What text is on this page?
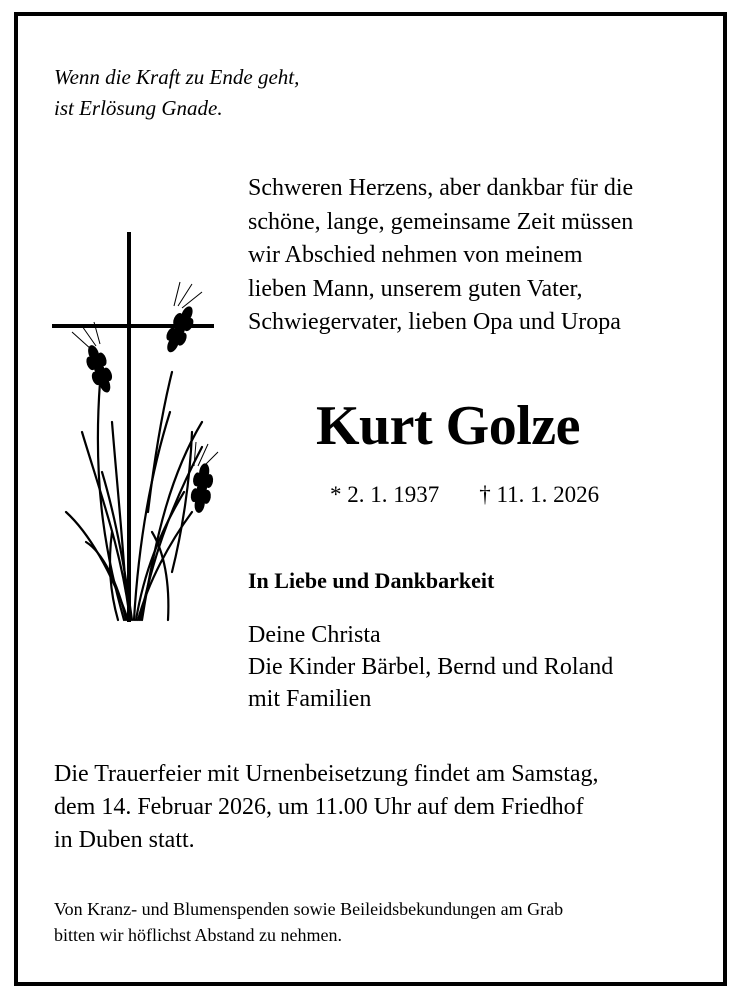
Wenn die Kraft zu Ende geht,
ist Erlösung Gnade.
Schweren Herzens, aber dankbar für die
schöne, lange, gemeinsame Zeit müssen
wir Abschied nehmen von meinem
lieben Mann, unserem guten Vater,
Schwiegervater, lieben Opa und Uropa
Kurt Golze
* 2. 1. 1937 † 11. 1. 2026
In Liebe und Dankbarkeit
Deine Christa
Die Kinder Bärbel, Bernd und Roland
mit Familien
Die Trauerfeier mit Urnenbeisetzung findet am Samstag,
dem 14. Februar 2026, um 11.00 Uhr auf dem Friedhof
in Duben statt.
Von Kranz- und Blumenspenden sowie Beileidsbekundungen am Grab
bitten wir höflichst Abstand zu nehmen.
